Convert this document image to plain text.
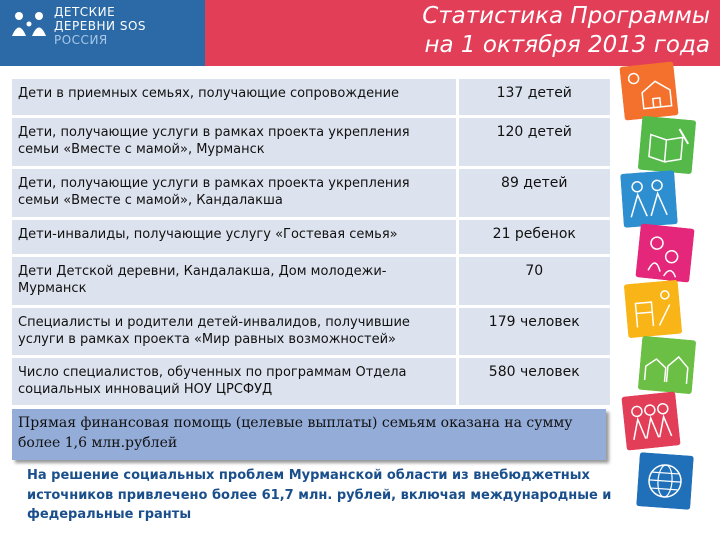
ДЕТСКИЕ
ДЕРЕВНИ SOS
РОССИЯ
Статистика Программы
на 1 октября 2013 года
Дети в приемных семьях, получающие сопровождение	137 детей
Дети, получающие услуги в рамках проекта укрепления семьи «Вместе с мамой», Мурманск	120 детей
Дети, получающие услуги в рамках проекта укрепления семьи «Вместе с мамой», Кандалакша	89 детей
Дети-инвалиды, получающие услугу «Гостевая семья»	21 ребенок
Дети Детской деревни, Кандалакша, Дом молодежи-Мурманск	70
Специалисты и родители детей-инвалидов, получившие услуги в рамках проекта «Мир равных возможностей»	179 человек
Число специалистов, обученных по программам Отдела социальных инноваций НОУ ЦРСФУД	580 человек
Прямая финансовая помощь (целевые выплаты) семьям оказана на сумму более 1,6 млн.рублей
На решение социальных проблем Мурманской области из внебюджетных источников привлечено более 61,7 млн. рублей, включая международные и федеральные гранты
